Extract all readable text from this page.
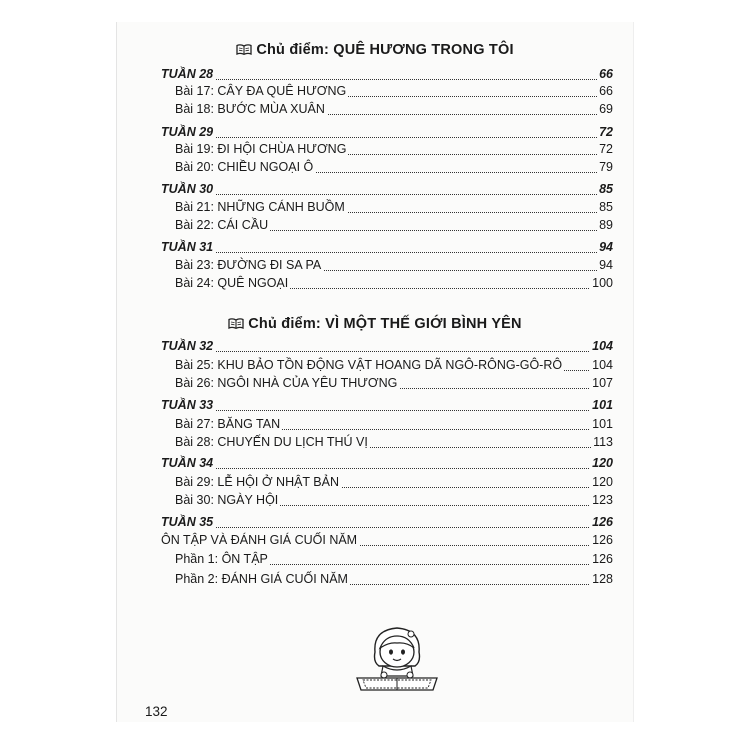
Chủ điểm: QUÊ HƯƠNG TRONG TÔI
TUẦN 28	66
Bài 17: CÂY ĐA QUÊ HƯƠNG	66
Bài 18: BƯỚC MÙA XUÂN	69
TUẦN 29	72
Bài 19: ĐI HỘI CHÙA HƯƠNG	72
Bài 20: CHIỀU NGOẠI Ô	79
TUẦN 30	85
Bài 21: NHỮNG CÁNH BUỒM	85
Bài 22: CÁI CẦU	89
TUẦN 31	94
Bài 23: ĐƯỜNG ĐI SA PA	94
Bài 24: QUÊ NGOẠI	100
Chủ điểm: VÌ MỘT THẾ GIỚI BÌNH YÊN
TUẦN 32	104
Bài 25: KHU BẢO TỒN ĐỘNG VẬT HOANG DÃ NGÔ-RÔNG-GÔ-RÔ 104
Bài 26: NGÔI NHÀ CỦA YÊU THƯƠNG	107
TUẦN 33	101
Bài 27: BĂNG TAN	101
Bài 28: CHUYẾN DU LỊCH THÚ VỊ	113
TUẦN 34	120
Bài 29: LỄ HỘI Ở NHẬT BẢN	120
Bài 30: NGÀY HỘI	123
TUẦN 35	126
ÔN TẬP VÀ ĐÁNH GIÁ CUỐI NĂM	126
Phần 1: ÔN TẬP	126
Phần 2: ĐÁNH GIÁ CUỐI NĂM	128
132
